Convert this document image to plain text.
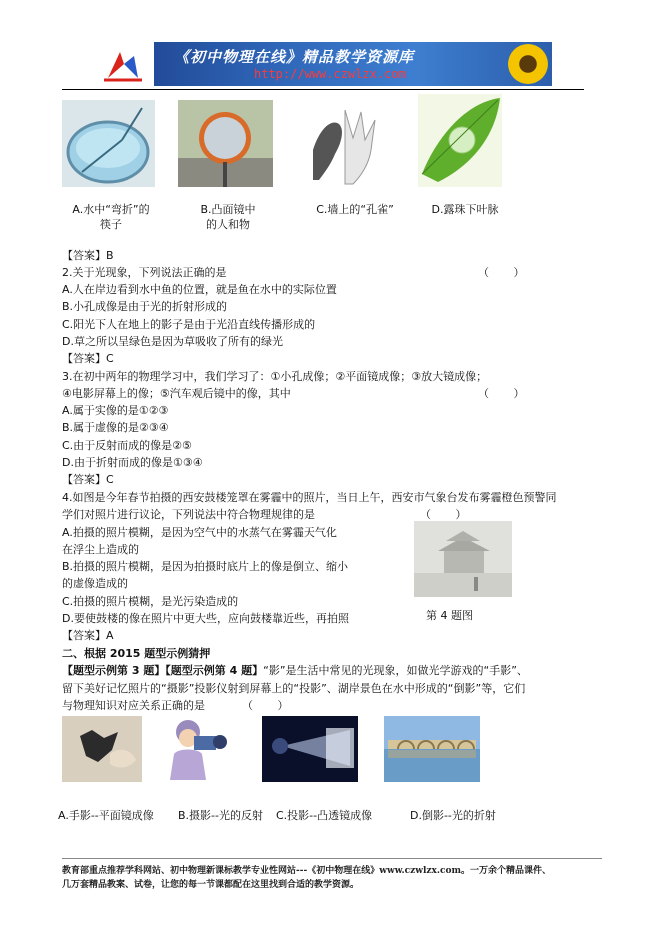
《初中物理在线》精品教学资源库
http://www.czwlzx.com
A.水中“弯折”的
筷子
B.凸面镜中
的人和物
C.墙上的“孔雀”	D.露珠下叶脉
【答案】B
2.关于光现象，下列说法正确的是	（       ）
A.人在岸边看到水中鱼的位置，就是鱼在水中的实际位置
B.小孔成像是由于光的折射形成的
C.阳光下人在地上的影子是由于光沿直线传播形成的
D.草之所以呈绿色是因为草吸收了所有的绿光
【答案】C
3.在初中两年的物理学习中，我们学习了：①小孔成像；②平面镜成像；③放大镜成像；
④电影屏幕上的像；⑤汽车观后镜中的像，其中	（       ）
A.属于实像的是①②③
B.属于虚像的是②③④
C.由于反射而成的像是②⑤
D.由于折射而成的像是①③④
【答案】C
4.如图是今年春节拍摄的西安鼓楼笼罩在雾霾中的照片，当日上午，西安市气象台发布雾霾橙色预警同
学们对照片进行议论，下列说法中符合物理规律的是	（       ）
A.拍摄的照片模糊，是因为空气中的水蒸气在雾霾天气化
在浮尘上造成的
B.拍摄的照片模糊，是因为拍摄时底片上的像是倒立、缩小
的虚像造成的
C.拍摄的照片模糊，是光污染造成的
D.要使鼓楼的像在照片中更大些，应向鼓楼靠近些，再拍照	第 4 题图
【答案】A
二、根据 2015 题型示例猜押
【题型示例第 3 题】【题型示例第 4 题】“影”是生活中常见的光现象，如做光学游戏的“手影”、
留下美好记忆照片的“摄影”投影仪射到屏幕上的“投影”、湖岸景色在水中形成的“倒影”等，它们
与物理知识对应关系正确的是	（       ）
A.手影--平面镜成像 B.摄影--光的反射 C.投影--凸透镜成像	D.倒影--光的折射
教育部重点推荐学科网站、初中物理新课标教学专业性网站---《初中物理在线》www.czwlzx.com。一万余个精品课件、
几万套精品教案、试卷，让您的每一节课都配在这里找到合适的教学资源。
